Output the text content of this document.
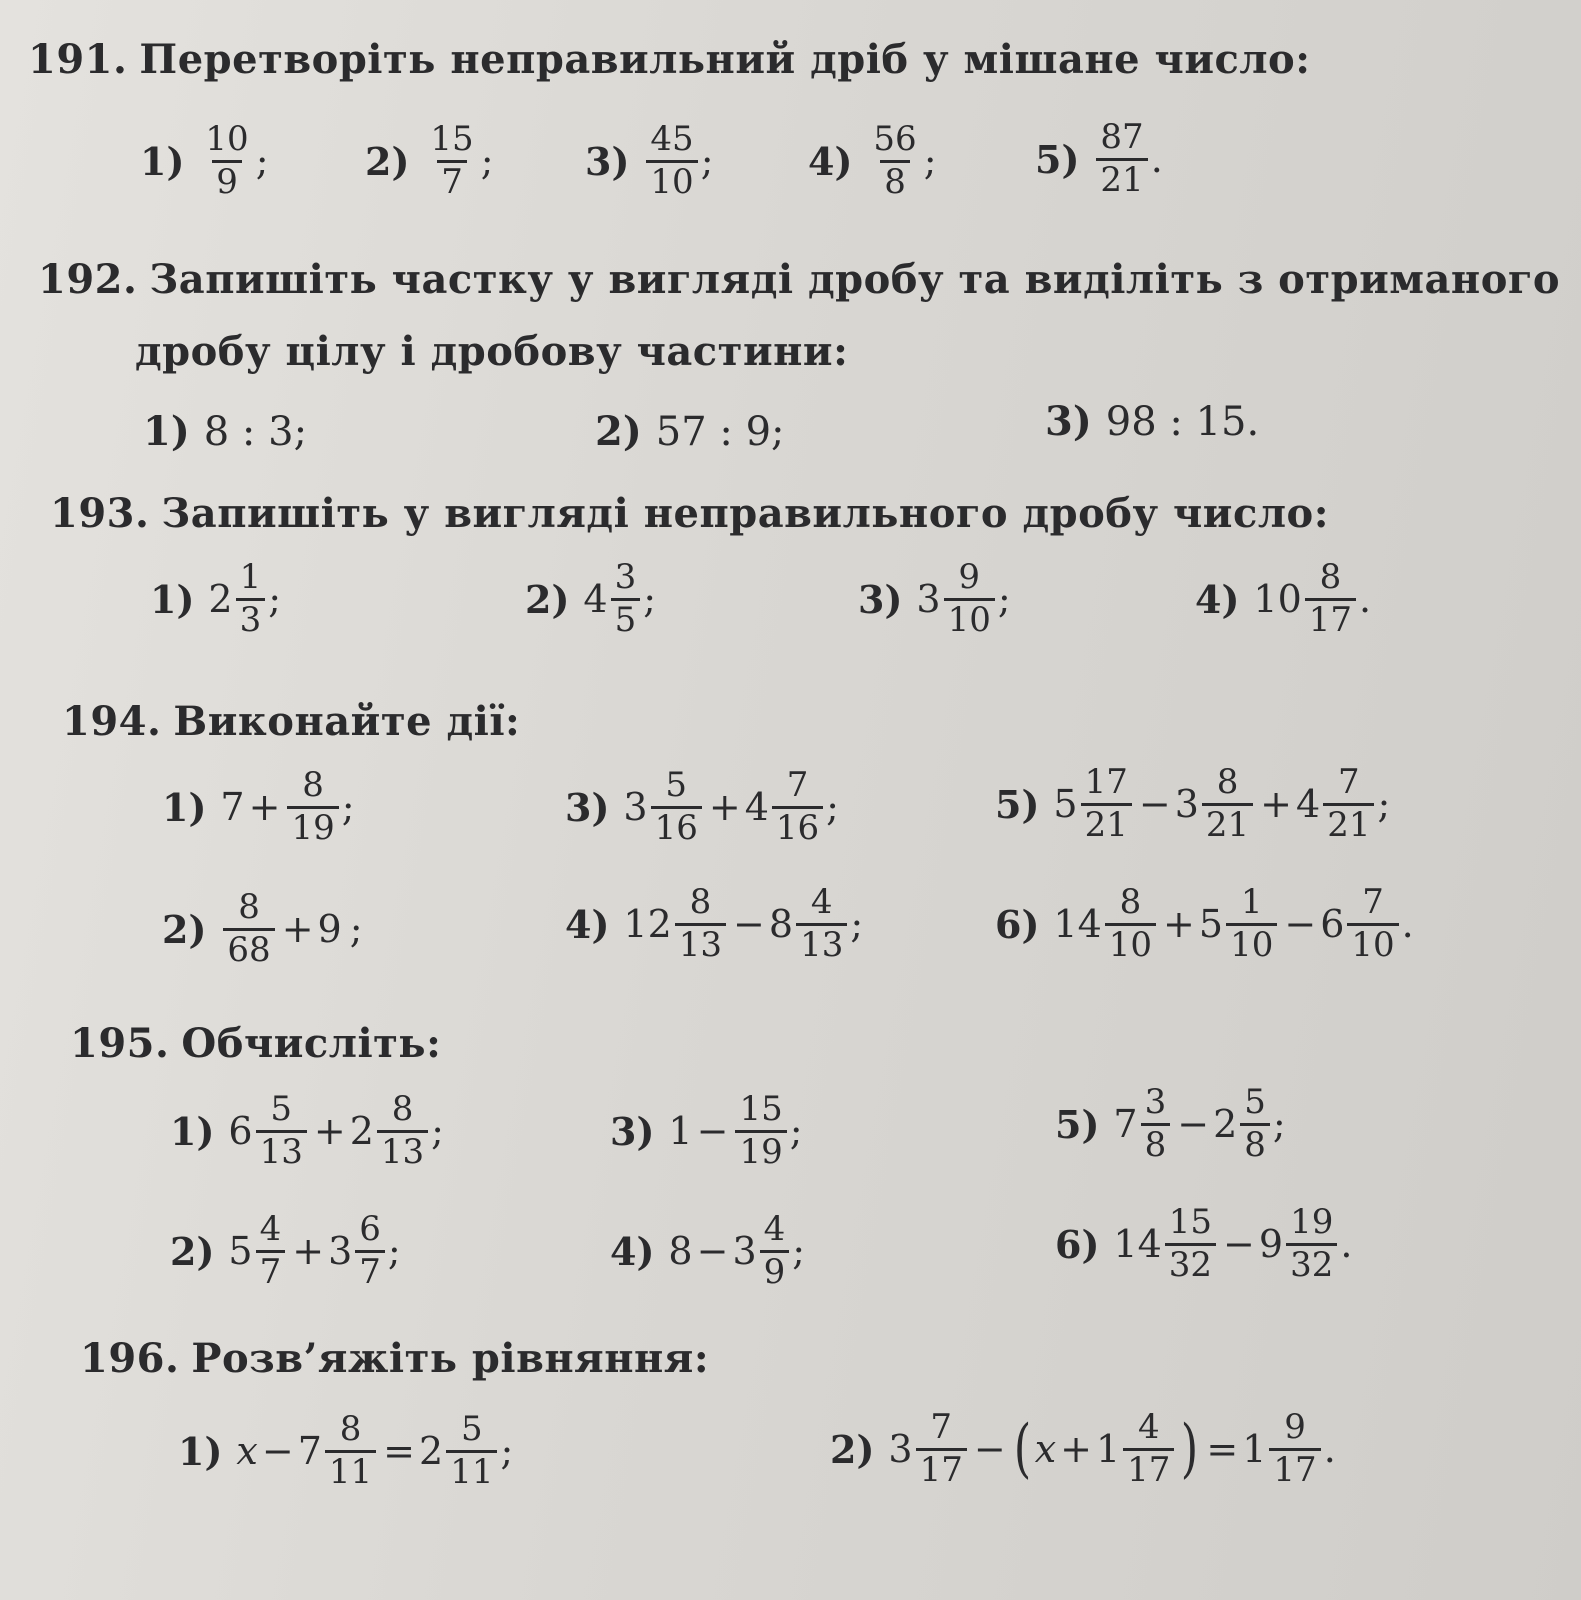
191. Перетворіть неправильний дріб у мішане число:
$1) \frac{10}{9}$ ;	$2) \frac{15}{7}$ ; $3) \frac{45}{10}$ ; $4) \frac{56}{8}$ ;	$5) \frac{87}{21}$ .
192. Запишіть частку у вигляді дробу та виділіть з отриманого
дробу цілу і дробову частини:
1) 8 : 3;	2) 57 : 9;	3) 98 : 15.
193. Запишіть у вигляді неправильного дробу число:
1) $2 \frac{1}{3}$ ;	2) $4 \frac{3}{5}$ ;	3) $3 \frac{9}{10}$ ;	4) $10 \frac{8}{17}$ .
194. Виконайте дії:
1) $7 + \frac{8}{19}$ ;
$2) \frac{8}{68} + 9$ ;
3) $3 \frac{5}{16} + 4 \frac{7}{16}$ ;
4) $12 \frac{8}{13} - 8 \frac{4}{13}$ ;
5) $5 \frac{17}{21} - 3 \frac{8}{21} + 4 \frac{7}{21}$ ;
6) $14 \frac{8}{10} + 5 \frac{1}{10} - 6 \frac{7}{10}$ .
195. Обчисліть:
1) $6 \frac{5}{13} + 2 \frac{8}{13}$ ;
2) $5 \frac{4}{7} + 3 \frac{6}{7}$ ;
3) $1 - \frac{15}{19}$ ;
4) $8 - 3 \frac{4}{9}$ ;
5) $7 \frac{3}{8} - 2 \frac{5}{8}$ ;
6) $14 \frac{15}{32} - 9 \frac{19}{32}$ .
196. Розв’яжіть рівняння:
1) $x - 7 \frac{8}{11} = 2 \frac{5}{11}$ ;	2) $3 \frac{7}{17}$ − ( $x + 1 \frac{4}{17}$ ) = $1 \frac{9}{17}$ .
